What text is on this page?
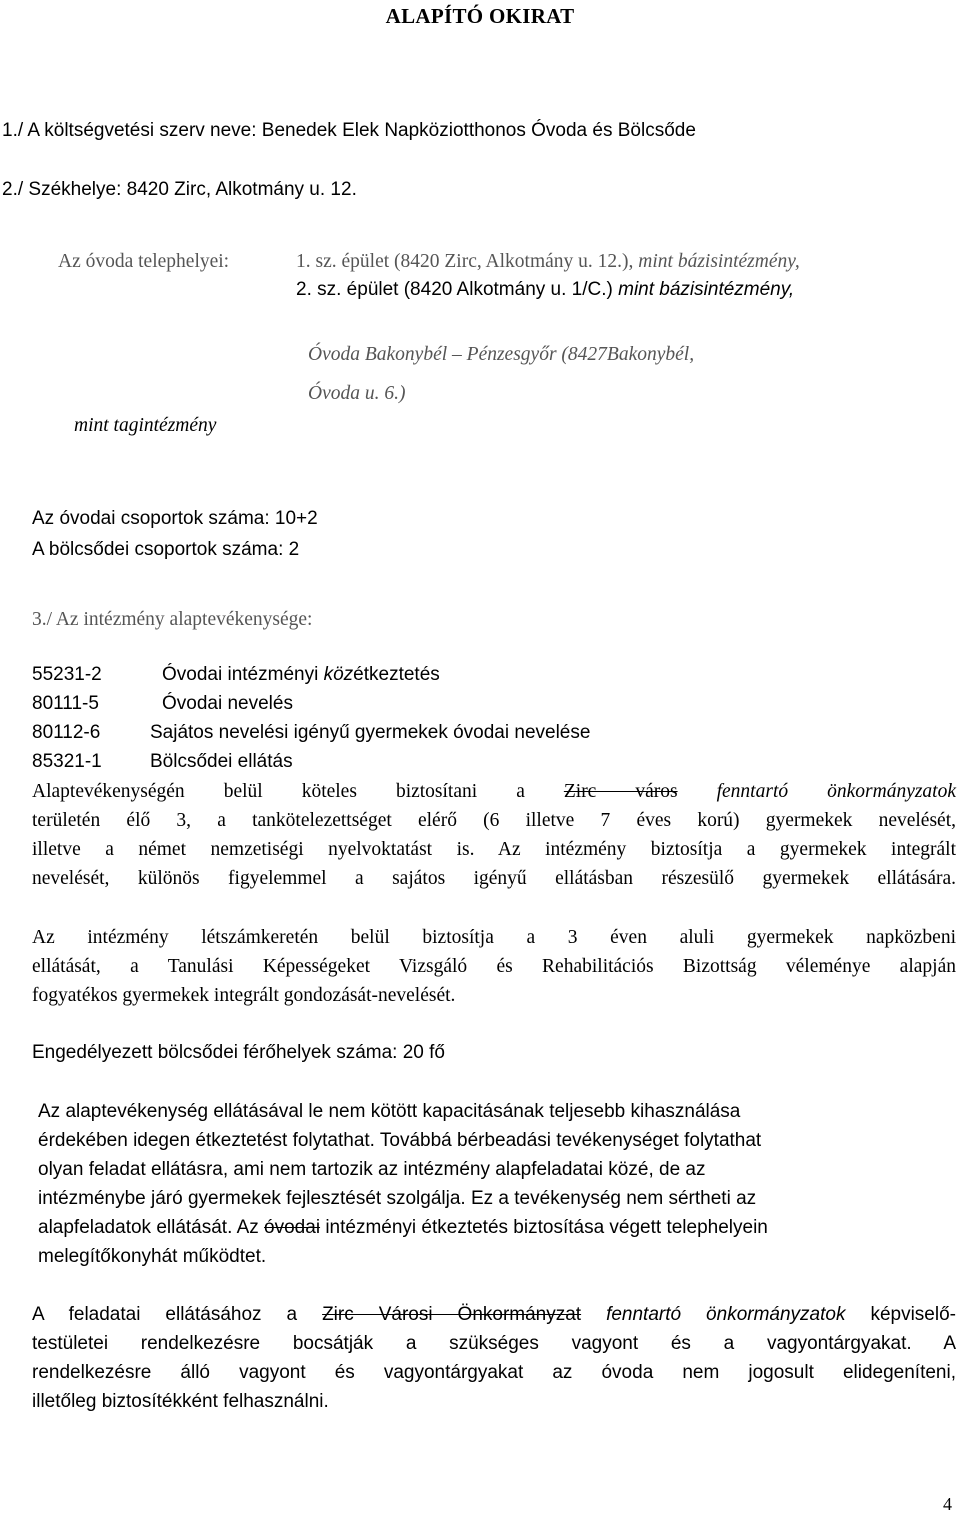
ALAPÍTÓ OKIRAT
1./ A költségvetési szerv neve: Benedek Elek Napköziotthonos Óvoda és Bölcsőde
2./ Székhelye: 8420 Zirc, Alkotmány u. 12.
Az óvoda telephelyei:	1. sz. épület (8420 Zirc, Alkotmány u. 12.), mint bázisintézmény,
2. sz. épület (8420 Alkotmány u. 1/C.) mint bázisintézmény,
Óvoda Bakonybél – Pénzesgyőr (8427Bakonybél,
Óvoda u. 6.)
mint tagintézmény
Az óvodai csoportok száma: 10+2
A bölcsődei csoportok száma: 2
3./ Az intézmény alaptevékenysége:
55231-2	Óvodai intézményi közétkeztetés
80111-5	Óvodai nevelés
80112-6	Sajátos nevelési igényű gyermekek óvodai nevelése
85321-1	Bölcsődei ellátás
Alaptevékenységén belül köteles biztosítani a Zirc város fenntartó önkormányzatok
területén élő 3, a tankötelezettséget elérő (6 illetve 7 éves korú) gyermekek nevelését,
illetve a német nemzetiségi nyelvoktatást is. Az intézmény biztosítja a gyermekek integrált
nevelését, különös figyelemmel a sajátos igényű ellátásban részesülő gyermekek ellátására.
Az intézmény létszámkeretén belül biztosítja a 3 éven aluli gyermekek napközbeni
ellátását, a Tanulási Képességeket Vizsgáló és Rehabilitációs Bizottság véleménye alapján
fogyatékos gyermekek integrált gondozását-nevelését.
Engedélyezett bölcsődei férőhelyek száma: 20 fő
Az alaptevékenység ellátásával le nem kötött kapacitásának teljesebb kihasználása
érdekében idegen étkeztetést folytathat. Továbbá bérbeadási tevékenységet folytathat
olyan feladat ellátásra, ami nem tartozik az intézmény alapfeladatai közé, de az
intézménybe járó gyermekek fejlesztését szolgálja. Ez a tevékenység nem sértheti az
alapfeladatok ellátását. Az óvodai intézményi étkeztetés biztosítása végett telephelyein
melegítőkonyhát működtet.
A feladatai ellátásához a Zirc Városi Önkormányzat fenntartó önkormányzatok képviselő-
testületei rendelkezésre bocsátják a szükséges vagyont és a vagyontárgyakat. A
rendelkezésre álló vagyont és vagyontárgyakat az óvoda nem jogosult elidegeníteni,
illetőleg biztosítékként felhasználni.
4
